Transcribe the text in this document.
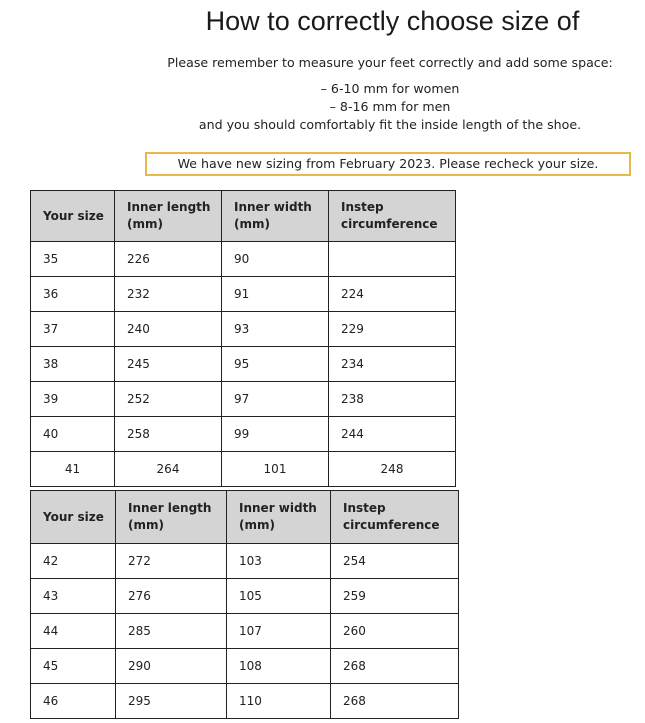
How to correctly choose size of
Please remember to measure your feet correctly and add some space:
– 6-10 mm for women
– 8-16 mm for men
and you should comfortably fit the inside length of the shoe.
We have new sizing from February 2023. Please recheck your size.
Your size	Inner length (mm)	Inner width (mm)	Instep circumference
35	226	90	
36	232	91	224
37	240	93	229
38	245	95	234
39	252	97	238
40	258	99	244
41	264	101	248
Your size	Inner length (mm)	Inner width (mm)	Instep circumference
42	272	103	254
43	276	105	259
44	285	107	260
45	290	108	268
46	295	110	268
